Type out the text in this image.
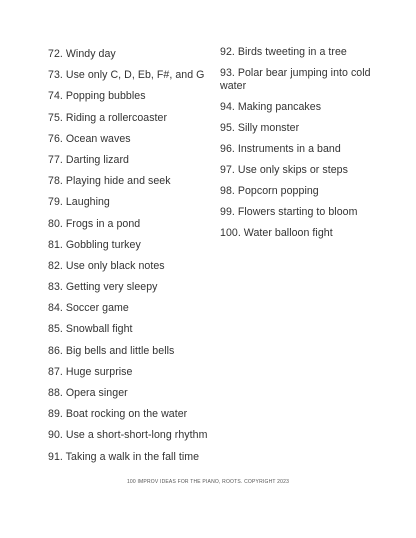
72. Windy day
73. Use only C, D, Eb, F#, and G
74. Popping bubbles
75. Riding a rollercoaster
76. Ocean waves
77. Darting lizard
78. Playing hide and seek
79. Laughing
80. Frogs in a pond
81. Gobbling turkey
82. Use only black notes
83. Getting very sleepy
84. Soccer game
85. Snowball fight
86. Big bells and little bells
87. Huge surprise
88. Opera singer
89. Boat rocking on the water
90. Use a short-short-long rhythm
91. Taking a walk in the fall time
92. Birds tweeting in a tree
93. Polar bear jumping into cold water
94. Making pancakes
95. Silly monster
96. Instruments in a band
97. Use only skips or steps
98. Popcorn popping
99. Flowers starting to bloom
100. Water balloon fight
100 IMPROV IDEAS FOR THE PIANO, ROOTS. COPYRIGHT 2023
